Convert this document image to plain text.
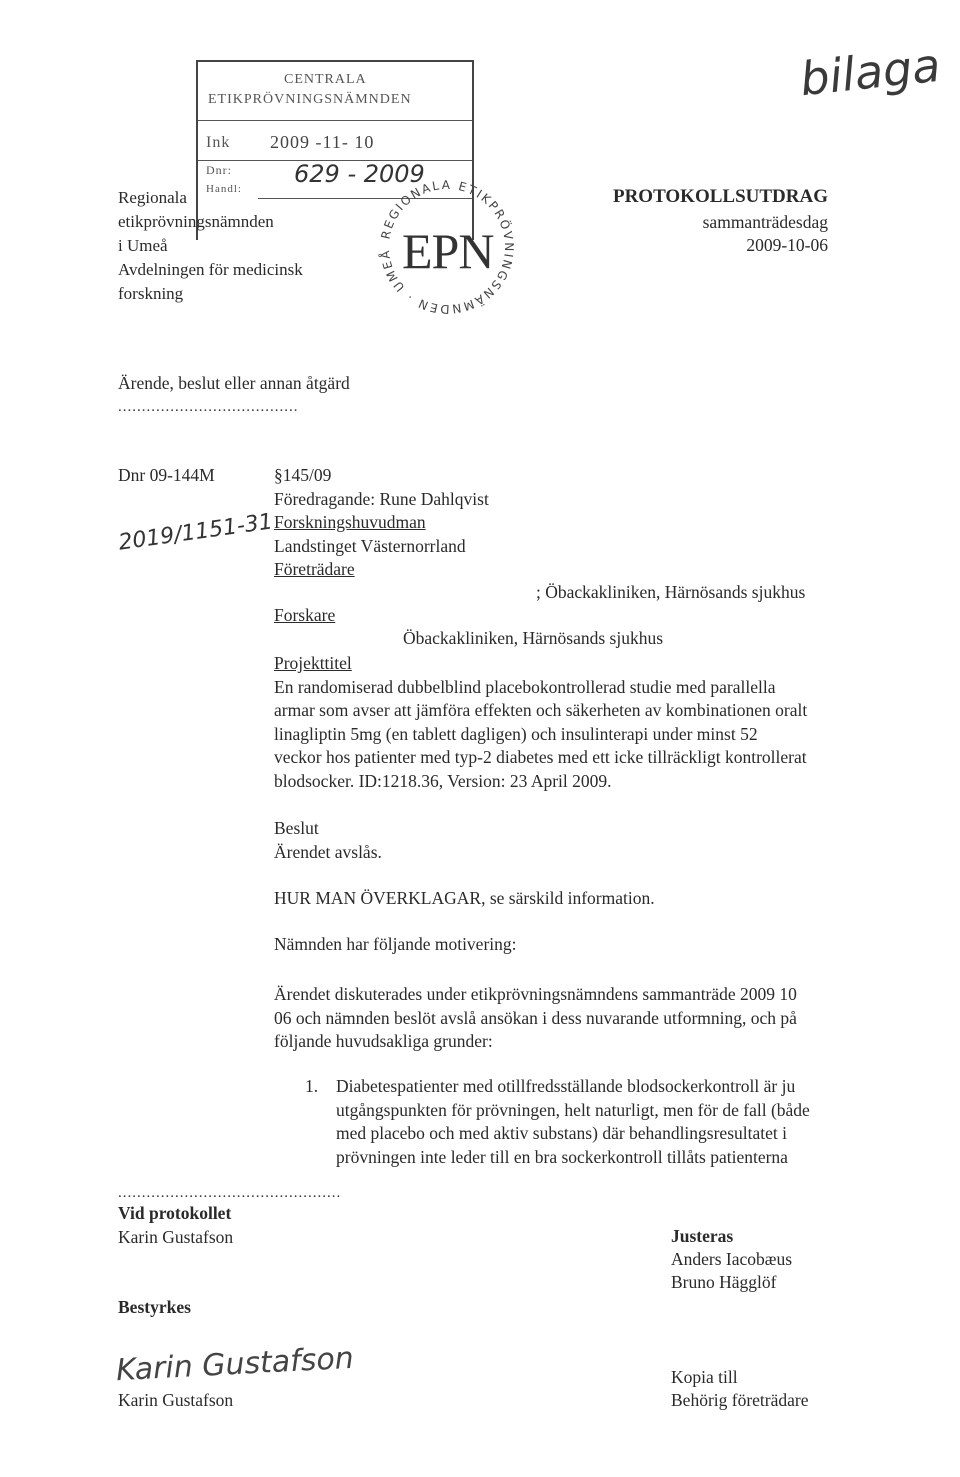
bilaga
CENTRALA
ETIKPRÖVNINGSNÄMNDEN
Ink 2009 -11- 10
Dnr:	629 - 2009
Handl:
Regionala
etikprövningsnämnden
i Umeå
Avdelningen för medicinsk
forskning
REGIONALA ETIKPRÖVNINGSNÄMNDEN · UMEÅ EPN
PROTOKOLLSUTDRAG
sammanträdesdag
2009-10-06
Ärende, beslut eller annan åtgärd
......................................
Dnr 09-144M
2019/1151-31
§145/09
Föredragande: Rune Dahlqvist
Forskningshuvudman
Landstinget Västernorrland
Företrädare
; Öbackakliniken, Härnösands sjukhus
Forskare
Öbackakliniken, Härnösands sjukhus
Projekttitel
En randomiserad dubbelblind placebokontrollerad studie med parallella
armar som avser att jämföra effekten och säkerheten av kombinationen oralt
linagliptin 5mg (en tablett dagligen) och insulinterapi under minst 52
veckor hos patienter med typ-2 diabetes med ett icke tillräckligt kontrollerat
blodsocker. ID:1218.36, Version: 23 April 2009.
Beslut
Ärendet avslås.
HUR MAN ÖVERKLAGAR, se särskild information.
Nämnden har följande motivering:
Ärendet diskuterades under etikprövningsnämndens sammanträde 2009 10
06 och nämnden beslöt avslå ansökan i dess nuvarande utformning, och på
följande huvudsakliga grunder:
1. Diabetespatienter med otillfredsställande blodsockerkontroll är ju
utgångspunkten för prövningen, helt naturligt, men för de fall (både
med placebo och med aktiv substans) där behandlingsresultatet i
prövningen inte leder till en bra sockerkontroll tillåts patienterna
...............................................
Vid protokollet
Karin Gustafson	Justeras
Anders Iacobæus
Bruno Hägglöf
Bestyrkes
Karin Gustafson
Karin Gustafson
Kopia till
Behörig företrädare
